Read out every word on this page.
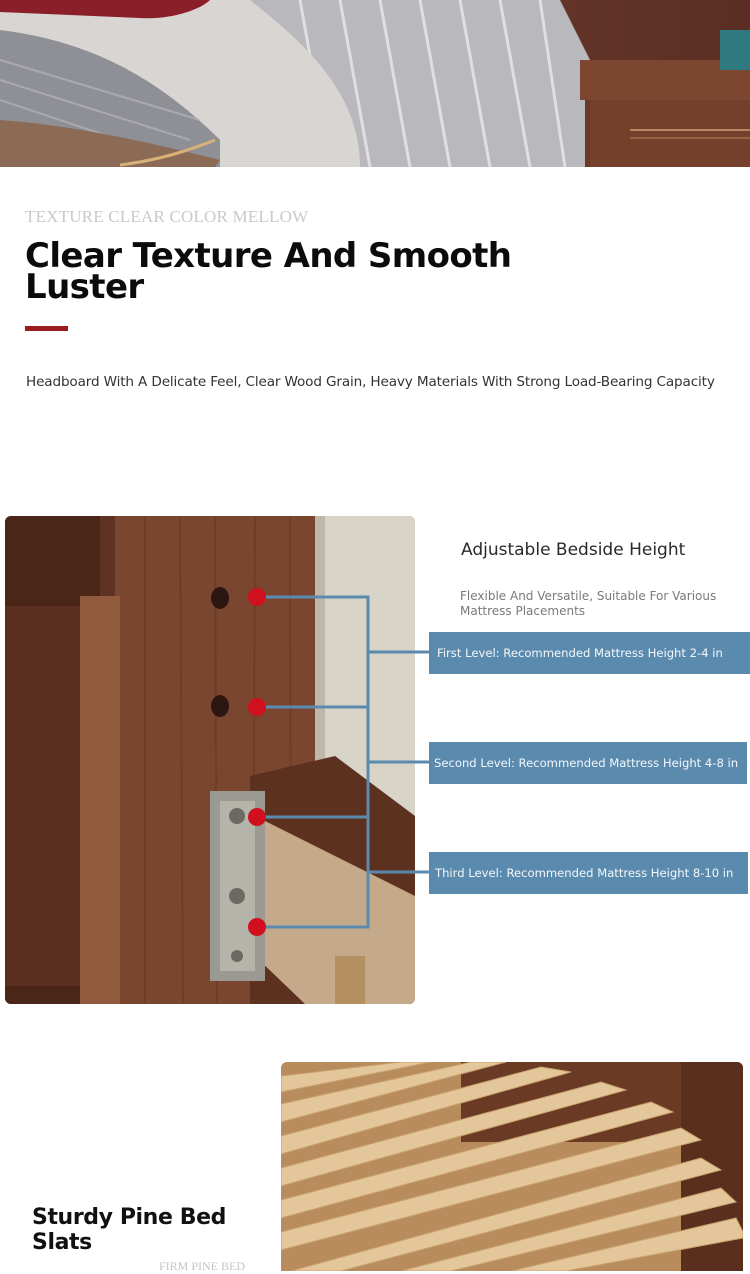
TEXTURE CLEAR COLOR MELLOW
Clear Texture And Smooth Luster
Headboard With A Delicate Feel, Clear Wood Grain, Heavy Materials With Strong Load-Bearing Capacity
Adjustable Bedside Height
Flexible And Versatile, Suitable For Various Mattress Placements
First Level: Recommended Mattress Height 2-4 in
Second Level: Recommended Mattress Height 4-8 in
Third Level: Recommended Mattress Height 8-10 in
Sturdy Pine Bed Slats
FIRM PINE BED
